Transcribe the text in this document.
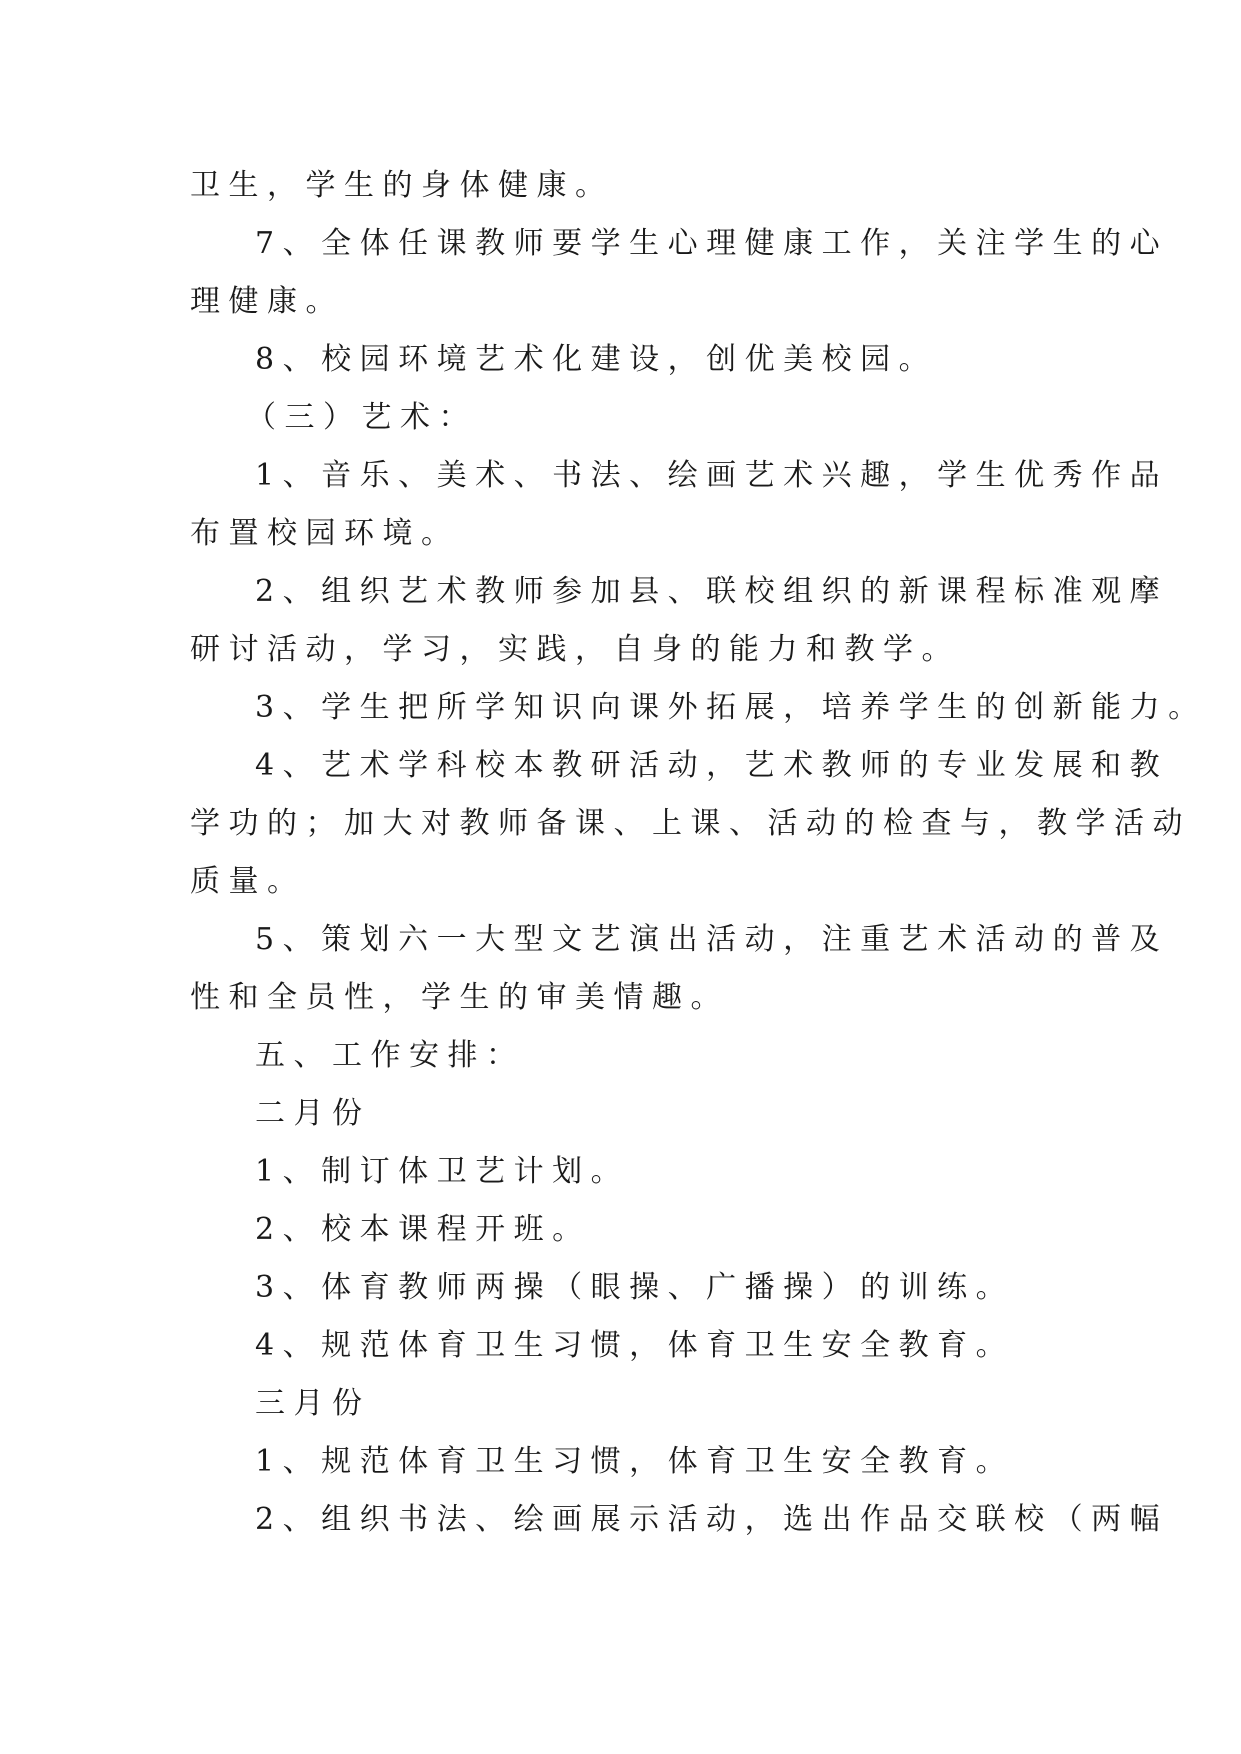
卫生，学生的身体健康。
7、全体任课教师要学生心理健康工作，关注学生的心
理健康。
8、校园环境艺术化建设，创优美校园。
（三）艺术：
1、音乐、美术、书法、绘画艺术兴趣，学生优秀作品
布置校园环境。
2、组织艺术教师参加县、联校组织的新课程标准观摩
研讨活动，学习，实践，自身的能力和教学。
3、学生把所学知识向课外拓展，培养学生的创新能力。
4、艺术学科校本教研活动，艺术教师的专业发展和教
学功的；加大对教师备课、上课、活动的检查与，教学活动
质量。
5、策划六一大型文艺演出活动，注重艺术活动的普及
性和全员性，学生的审美情趣。
五、工作安排：
二月份
1、制订体卫艺计划。
2、校本课程开班。
3、体育教师两操（眼操、广播操）的训练。
4、规范体育卫生习惯，体育卫生安全教育。
三月份
1、规范体育卫生习惯，体育卫生安全教育。
2、组织书法、绘画展示活动，选出作品交联校（两幅
